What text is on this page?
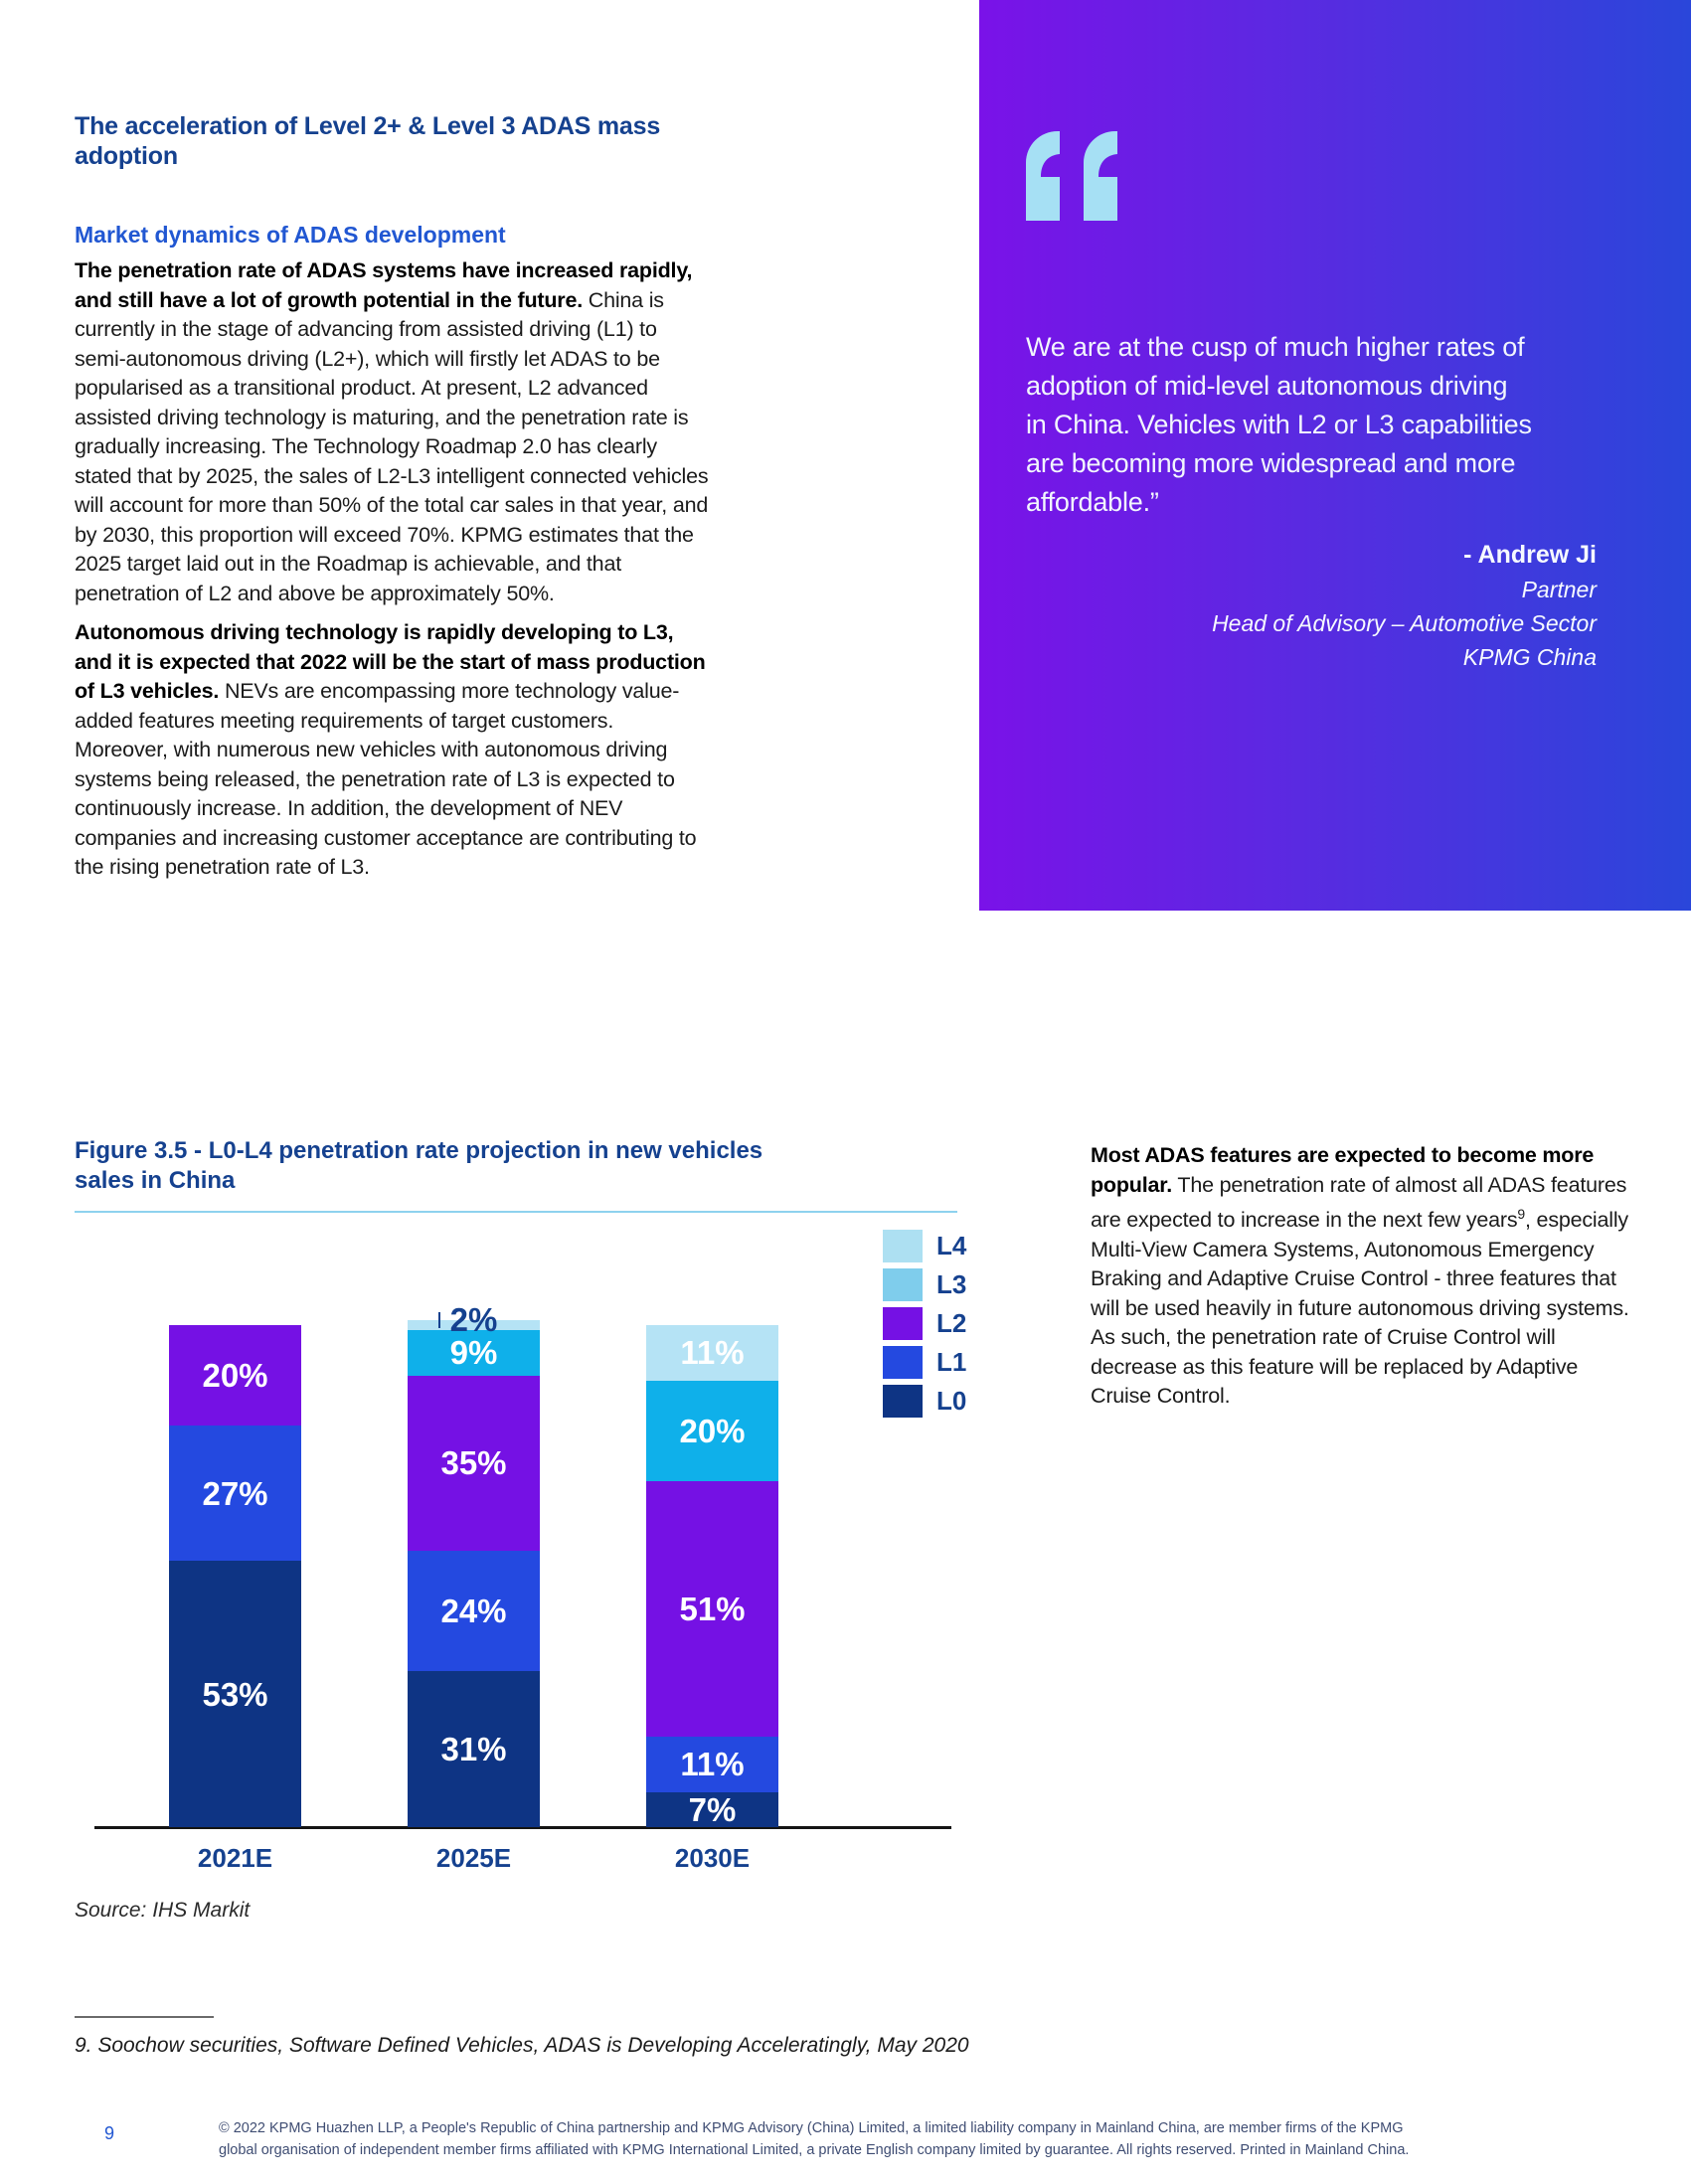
The acceleration of Level 2+ & Level 3 ADAS mass adoption
Market dynamics of ADAS development

The penetration rate of ADAS systems have increased rapidly, and still have a lot of growth potential in the future. China is currently in the stage of advancing from assisted driving (L1) to semi-autonomous driving (L2+), which will firstly let ADAS to be popularised as a transitional product. At present, L2 advanced assisted driving technology is maturing, and the penetration rate is gradually increasing. The Technology Roadmap 2.0 has clearly stated that by 2025, the sales of L2-L3 intelligent connected vehicles will account for more than 50% of the total car sales in that year, and by 2030, this proportion will exceed 70%. KPMG estimates that the 2025 target laid out in the Roadmap is achievable, and that penetration of L2 and above be approximately 50%.

Autonomous driving technology is rapidly developing to L3, and it is expected that 2022 will be the start of mass production of L3 vehicles. NEVs are encompassing more technology value-added features meeting requirements of target customers. Moreover, with numerous new vehicles with autonomous driving systems being released, the penetration rate of L3 is expected to continuously increase. In addition, the development of NEV companies and increasing customer acceptance are contributing to the rising penetration rate of L3.

We are at the cusp of much higher rates of adoption of mid-level autonomous driving in China. Vehicles with L2 or L3 capabilities are becoming more widespread and more affordable.”
- Andrew Ji
Partner
Head of Advisory – Automotive Sector
KPMG China
Figure 3.5 - L0-L4 penetration rate projection in new vehicles sales in China
L4
L3
L2
L1
L0
53%
27%
20%
2021E
31%
24%
35%
9%
2%
2025E
7%
11%
51%
20%
11%
2030E
Source: IHS Markit
Most ADAS features are expected to become more popular. The penetration rate of almost all ADAS features are expected to increase in the next few years$^9$, especially Multi-View Camera Systems, Autonomous Emergency Braking and Adaptive Cruise Control - three features that will be used heavily in future autonomous driving systems. As such, the penetration rate of Cruise Control will decrease as this feature will be replaced by Adaptive Cruise Control.
9. Soochow securities, Software Defined Vehicles, ADAS is Developing Acceleratingly, May 2020
9	© 2022 KPMG Huazhen LLP, a People's Republic of China partnership and KPMG Advisory (China) Limited, a limited liability company in Mainland China, are member firms of the KPMG
global organisation of independent member firms affiliated with KPMG International Limited, a private English company limited by guarantee. All rights reserved. Printed in Mainland China.
